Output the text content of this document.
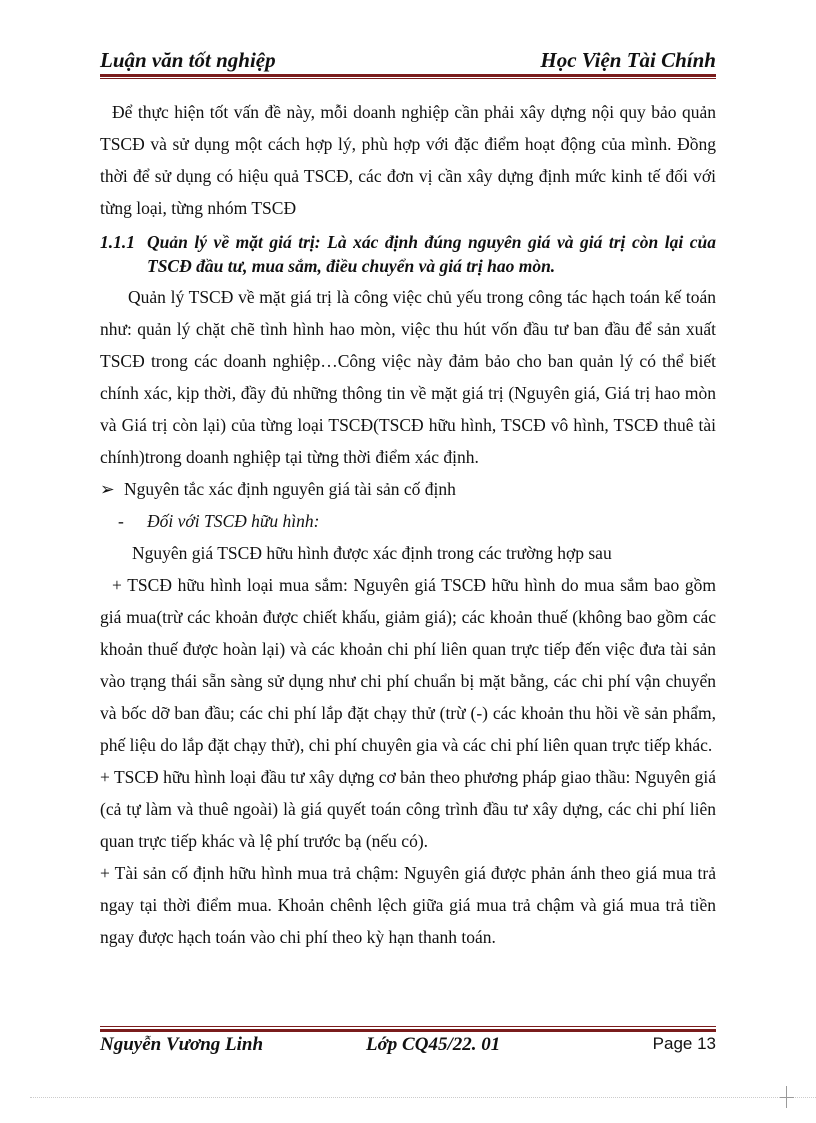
Luận văn tốt nghiệp	Học Viện Tài Chính

Để thực hiện tốt vấn đề này, mỗi doanh nghiệp cần phải xây dựng nội quy bảo quản TSCĐ và sử dụng một cách hợp lý, phù hợp với đặc điểm hoạt động của mình. Đồng thời để sử dụng có hiệu quả TSCĐ, các đơn vị cần xây dựng định mức kinh tế đối với từng loại, từng nhóm TSCĐ

1.1.1 Quản lý về mặt giá trị: Là xác định đúng nguyên giá và giá trị còn lại của TSCĐ đầu tư, mua sắm, điều chuyển và giá trị hao mòn.

Quản lý TSCĐ về mặt giá trị là công việc chủ yếu trong công tác hạch toán kế toán như: quản lý chặt chẽ tình hình hao mòn, việc thu hút vốn đầu tư ban đầu để sản xuất TSCĐ trong các doanh nghiệp…Công việc này đảm bảo cho ban quản lý có thể biết chính xác, kịp thời, đầy đủ những thông tin về mặt giá trị (Nguyên giá, Giá trị hao mòn và Giá trị còn lại) của từng loại TSCĐ(TSCĐ hữu hình, TSCĐ vô hình, TSCĐ thuê tài chính)trong doanh nghiệp tại từng thời điểm xác định.

➢ Nguyên tắc xác định nguyên giá tài sản cố định

- Đối với TSCĐ hữu hình:

Nguyên giá TSCĐ hữu hình được xác định trong các trường hợp sau

+ TSCĐ hữu hình loại mua sắm: Nguyên giá TSCĐ hữu hình do mua sắm bao gồm giá mua(trừ các khoản được chiết khấu, giảm giá); các khoản thuế (không bao gồm các khoản thuế được hoàn lại) và các khoản chi phí liên quan trực tiếp đến việc đưa tài sản vào trạng thái sẵn sàng sử dụng như chi phí chuẩn bị mặt bằng, các chi phí vận chuyển và bốc dỡ ban đầu; các chi phí lắp đặt chạy thử (trừ (-) các khoản thu hồi về sản phẩm, phế liệu do lắp đặt chạy thử), chi phí chuyên gia và các chi phí liên quan trực tiếp khác.

+ TSCĐ hữu hình loại đầu tư xây dựng cơ bản theo phương pháp giao thầu: Nguyên giá (cả tự làm và thuê ngoài) là giá quyết toán công trình đầu tư xây dựng, các chi phí liên quan trực tiếp khác và lệ phí trước bạ (nếu có).

+ Tài sản cố định hữu hình mua trả chậm: Nguyên giá được phản ánh theo giá mua trả ngay tại thời điểm mua. Khoản chênh lệch giữa giá mua trả chậm và giá mua trả tiền ngay được hạch toán vào chi phí theo kỳ hạn thanh toán.

Nguyễn Vương Linh	Lớp CQ45/22. 01	Page 13
